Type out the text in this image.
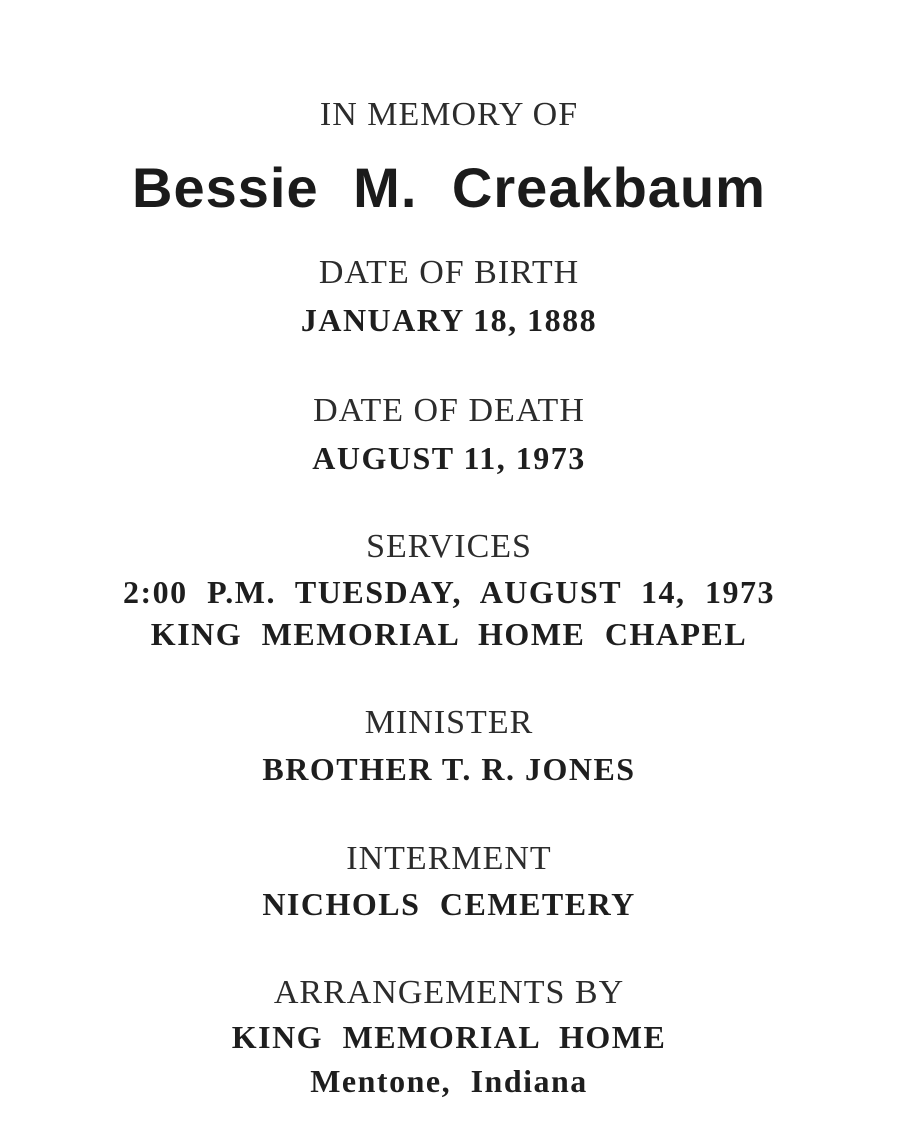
IN MEMORY OF
Bessie M. Creakbaum
DATE OF BIRTH
JANUARY 18, 1888
DATE OF DEATH
AUGUST 11, 1973
SERVICES
2:00 P.M. TUESDAY, AUGUST 14, 1973
KING MEMORIAL HOME CHAPEL
MINISTER
BROTHER T. R. JONES
INTERMENT
NICHOLS CEMETERY
ARRANGEMENTS BY
KING MEMORIAL HOME
Mentone, Indiana
